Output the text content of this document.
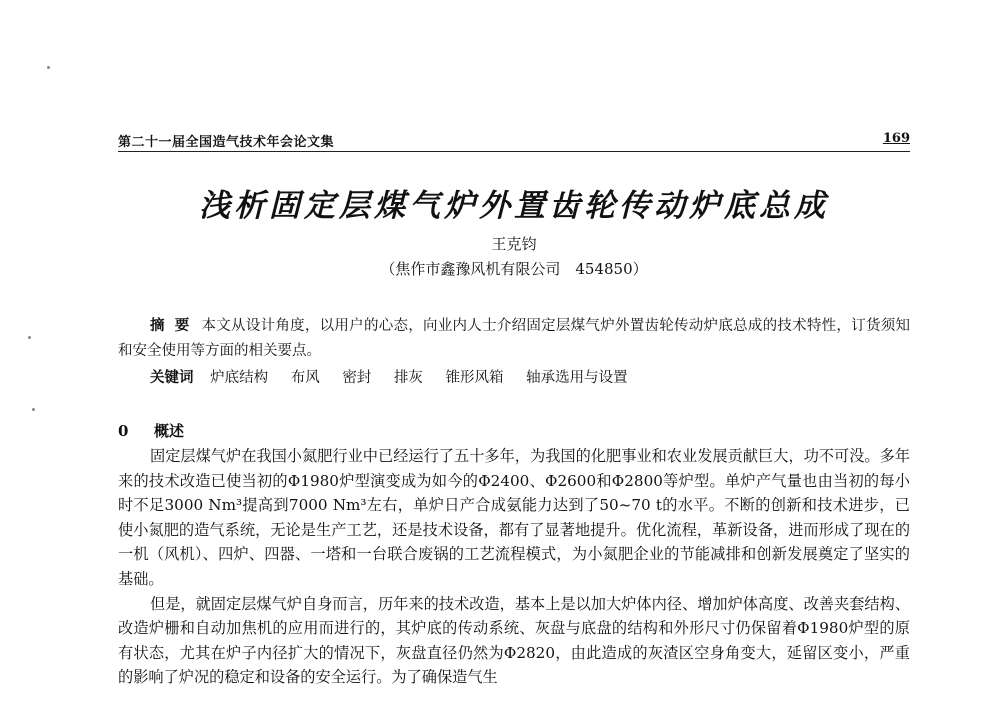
第二十一届全国造气技术年会论文集	169
浅析固定层煤气炉外置齿轮传动炉底总成
王克钧
（焦作市鑫豫风机有限公司　454850）
摘 要 本文从设计角度，以用户的心态，向业内人士介绍固定层煤气炉外置齿轮传动炉底总成的技术特性，订货须知和安全使用等方面的相关要点。
关键词 炉底结构 布风 密封 排灰 锥形风箱 轴承选用与设置
0 概述

固定层煤气炉在我国小氮肥行业中已经运行了五十多年，为我国的化肥事业和农业发展贡献巨大，功不可没。多年来的技术改造已使当初的Φ1980炉型演变成为如今的Φ2400、Φ2600和Φ2800等炉型。单炉产气量也由当初的每小时不足3000 Nm³提高到7000 Nm³左右，单炉日产合成氨能力达到了50~70 t的水平。不断的创新和技术进步，已使小氮肥的造气系统，无论是生产工艺，还是技术设备，都有了显著地提升。优化流程，革新设备，进而形成了现在的一机（风机）、四炉、四器、一塔和一台联合废锅的工艺流程模式，为小氮肥企业的节能减排和创新发展奠定了坚实的基础。

但是，就固定层煤气炉自身而言，历年来的技术改造，基本上是以加大炉体内径、增加炉体高度、改善夹套结构、改造炉栅和自动加焦机的应用而进行的，其炉底的传动系统、灰盘与底盘的结构和外形尺寸仍保留着Φ1980炉型的原有状态，尤其在炉子内径扩大的情况下，灰盘直径仍然为Φ2820，由此造成的灰渣区空身角变大，延留区变小，严重的影响了炉况的稳定和设备的安全运行。为了确保造气生
